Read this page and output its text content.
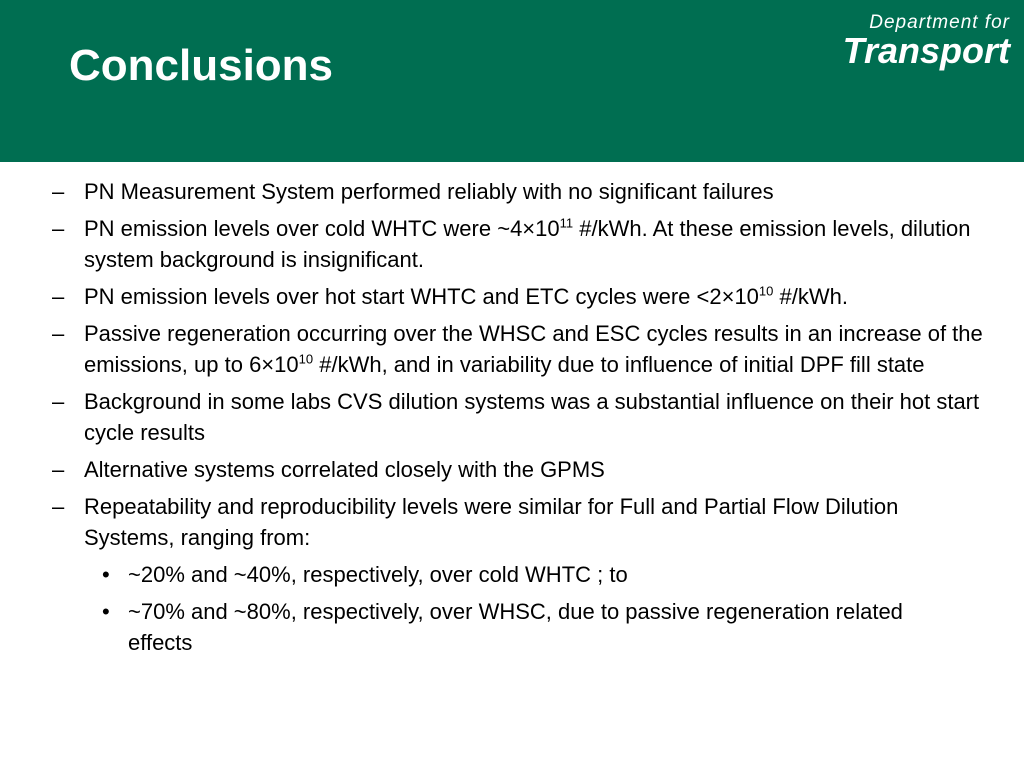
Conclusions
Department for
Transport
– PN Measurement System performed reliably with no significant failures
– PN emission levels over cold WHTC were $\sim 4\times 10^{11}$ #/kWh. At these emission levels, dilution system background is insignificant.
– PN emission levels over hot start WHTC and ETC cycles were $<2\times 10^{10}$ #/kWh.
– Passive regeneration occurring over the WHSC and ESC cycles results in an increase of the emissions, up to $6\times 10^{10}$ #/kWh, and in variability due to influence of initial DPF fill state
– Background in some labs CVS dilution systems was a substantial influence on their hot start cycle results
– Alternative systems correlated closely with the GPMS
– Repeatability and reproducibility levels were similar for Full and Partial Flow Dilution Systems, ranging from:
• ~20% and ~40%, respectively, over cold WHTC ; to
• ~70% and ~80%, respectively, over WHSC, due to passive regeneration related effects
